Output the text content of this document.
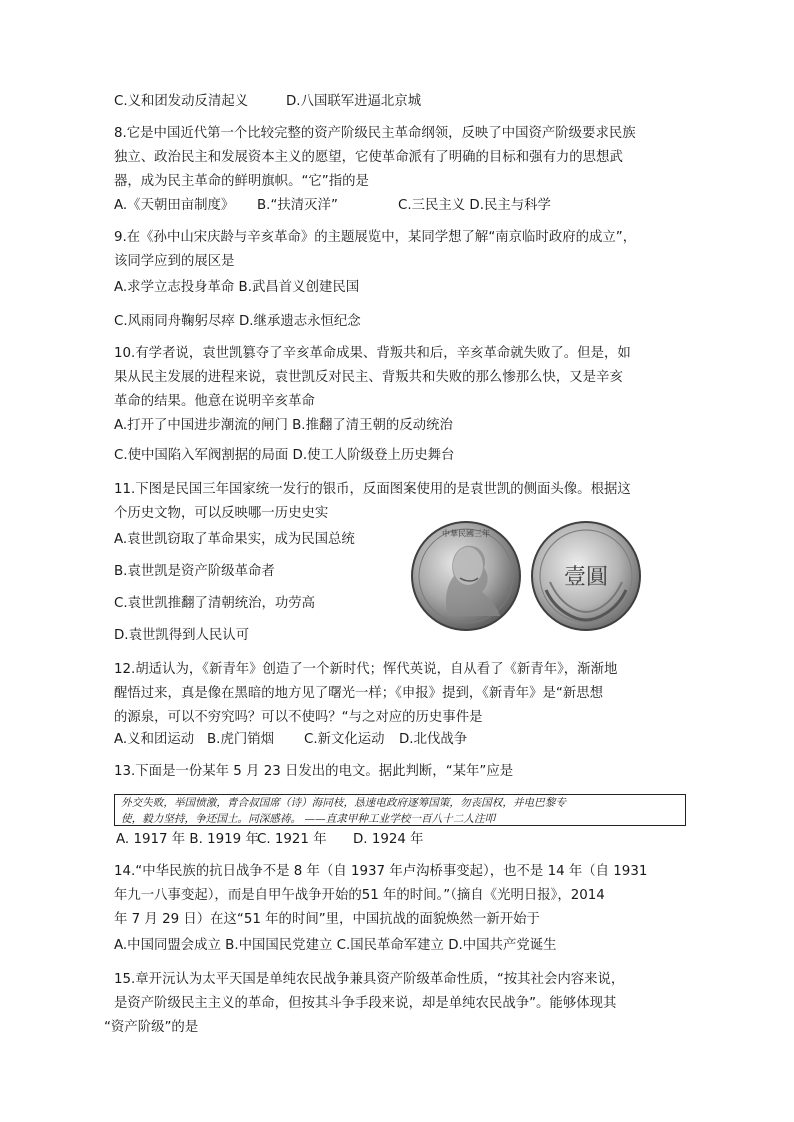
C.义和团发动反清起义	D.八国联军进逼北京城
8.它是中国近代第一个比较完整的资产阶级民主革命纲领，反映了中国资产阶级要求民族
独立、政治民主和发展资本主义的愿望，它使革命派有了明确的目标和强有力的思想武
器，成为民主革命的鲜明旗帜。“它”指的是
A.《天朝田亩制度》 B.“扶清灭洋”	C.三民主义 D.民主与科学
9.在《孙中山宋庆龄与辛亥革命》的主题展览中，某同学想了解“南京临时政府的成立”，
该同学应到的展区是
A.求学立志投身革命 B.武昌首义创建民国
C.风雨同舟鞠躬尽瘁 D.继承遗志永恒纪念
10.有学者说，袁世凯篡夺了辛亥革命成果、背叛共和后，辛亥革命就失败了。但是，如
果从民主发展的进程来说，袁世凯反对民主、背叛共和失败的那么惨那么快，又是辛亥
革命的结果。他意在说明辛亥革命
A.打开了中国进步潮流的闸门 B.推翻了清王朝的反动统治
C.使中国陷入军阀割据的局面 D.使工人阶级登上历史舞台
11.下图是民国三年国家统一发行的银币，反面图案使用的是袁世凯的侧面头像。根据这
个历史文物，可以反映哪一历史史实
A.袁世凯窃取了革命果实，成为民国总统
B.袁世凯是资产阶级革命者
C.袁世凯推翻了清朝统治，功劳高
D.袁世凯得到人民认可
中華民國三年
壹圓
12.胡适认为，《新青年》创造了一个新时代；恽代英说，自从看了《新青年》，渐渐地
醒悟过来，真是像在黑暗的地方见了曙光一样；《申报》提到，《新青年》是“新思想
的源泉，可以不穷究吗？可以不使吗？“与之对应的历史事件是
A.义和团运动 B.虎门销烟 C.新文化运动 D.北伐战争
13.下面是一份某年 5 月 23 日发出的电文。据此判断，“某年”应是
外交失败，举国愤激，青合叔国席（诗）海同枝，恳速电政府逐筹国策，勿丧国权，并电巴黎专
使，毅力坚持，争还国土。同深感祷。 ——直隶甲种工业学校一百八十二人注叩
A. 1917 年 B. 1919 年
C. 1921 年 D. 1924 年
14.“中华民族的抗日战争不是 8 年（自 1937 年卢沟桥事变起），也不是 14 年（自 1931
年九一八事变起），而是自甲午战争开始的51 年的时间。”（摘自《光明日报》，2014
年 7 月 29 日）在这“51 年的时间”里，中国抗战的面貌焕然一新开始于
A.中国同盟会成立 B.中国国民党建立 C.国民革命军建立 D.中国共产党诞生
15.章开沅认为太平天国是单纯农民战争兼具资产阶级革命性质，“按其社会内容来说，
是资产阶级民主主义的革命，但按其斗争手段来说，却是单纯农民战争”。能够体现其
“资产阶级”的是
